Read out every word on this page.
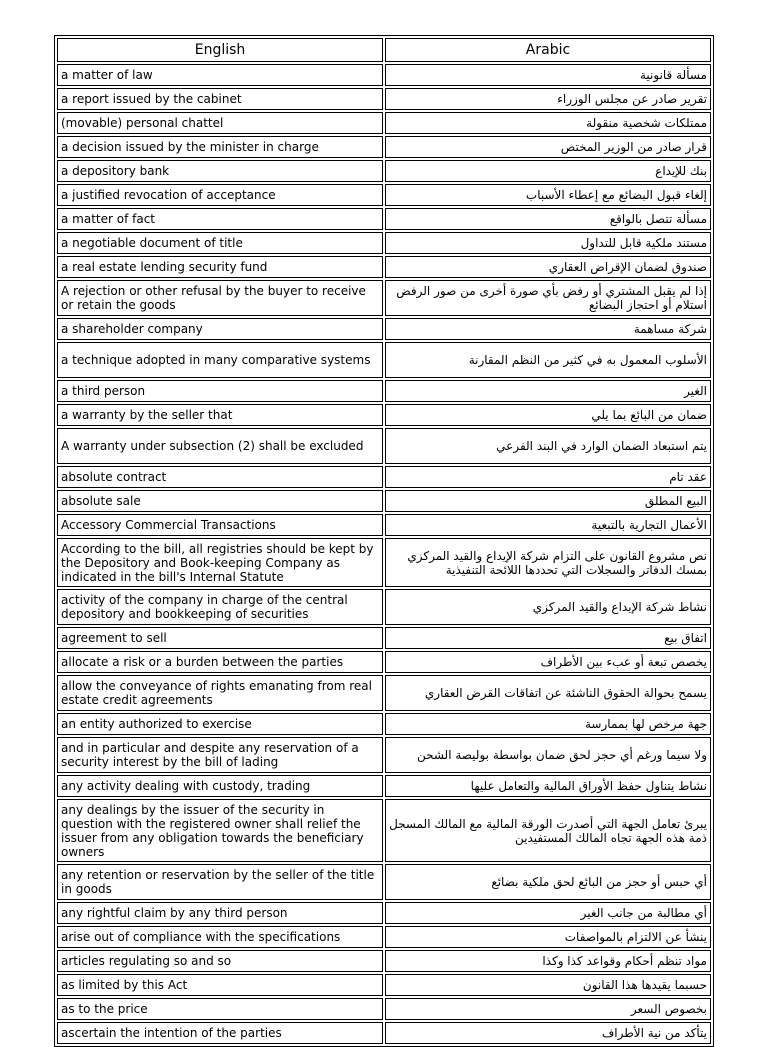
English	Arabic
a matter of law	مسألة قانونية
a report issued by the cabinet	تقرير صادر عن مجلس الوزراء
(movable) personal chattel	ممتلكات شخصية منقولة
a decision issued by the minister in charge	قرار صادر من الوزير المختص
a depository bank	بنك للإيداع
a justified revocation of acceptance	إلغاء قبول البضائع مع إعطاء الأسباب
a matter of fact	مسألة تتصل بالواقع
a negotiable document of title	مستند ملكية قابل للتداول
a real estate lending security fund	صندوق لضمان الإقراض العقاري
A rejection or other refusal by the buyer to receive or retain the goods	إذا لم يقبل المشتري أو رفض بأي صورة أخرى من صور الرفض استلام أو احتجاز البضائع
a shareholder company	شركة مساهمة
a technique adopted in many comparative systems	الأسلوب المعمول به في كثير من النظم المقارنة
a third person	الغير
a warranty by the seller that	ضمان من البائع بما يلي
A warranty under subsection (2) shall be excluded	يتم استبعاد الضمان الوارد في البند الفرعي
absolute contract	عقد تام
absolute sale	البيع المطلق
Accessory Commercial Transactions	الأعمال التجارية بالتبعية
According to the bill, all registries should be kept by the Depository and Book-keeping Company as indicated in the bill's Internal Statute	نص مشروع القانون على التزام شركة الإيداع والقيد المركزي بمسك الدفاتر والسجلات التي تحددها اللائحة التنفيذية
activity of the company in charge of the central depository and bookkeeping of securities	نشاط شركة الإيداع والقيد المركزي
agreement to sell	اتفاق بيع
allocate a risk or a burden between the parties	يخصص تبعة أو عبء بين الأطراف
allow the conveyance of rights emanating from real estate credit agreements	يسمح بحوالة الحقوق الناشئة عن اتفاقات القرض العقاري
an entity authorized to exercise	جهة مرخص لها بممارسة
and in particular and despite any reservation of a security interest by the bill of lading	ولا سيما ورغم أي حجز لحق ضمان بواسطة بوليصة الشحن
any activity dealing with custody, trading	نشاط يتناول حفظ الأوراق المالية والتعامل عليها
any dealings by the issuer of the security in question with the registered owner shall relief the issuer from any obligation towards the beneficiary owners	يبرئ تعامل الجهة التي أصدرت الورقة المالية مع المالك المسجل ذمة هذه الجهة تجاه المالك المستفيدين
any retention or reservation by the seller of the title in goods	أي حبس أو حجز من البائع لحق ملكية بضائع
any rightful claim by any third person	أي مطالبة من جانب الغير
arise out of compliance with the specifications	ينشأ عن الالتزام بالمواصفات
articles regulating so and so	مواد تنظم أحكام وقواعد كذا وكذا
as limited by this Act	حسبما يقيدها هذا القانون
as to the price	بخصوص السعر
ascertain the intention of the parties	يتأكد من نية الأطراف
